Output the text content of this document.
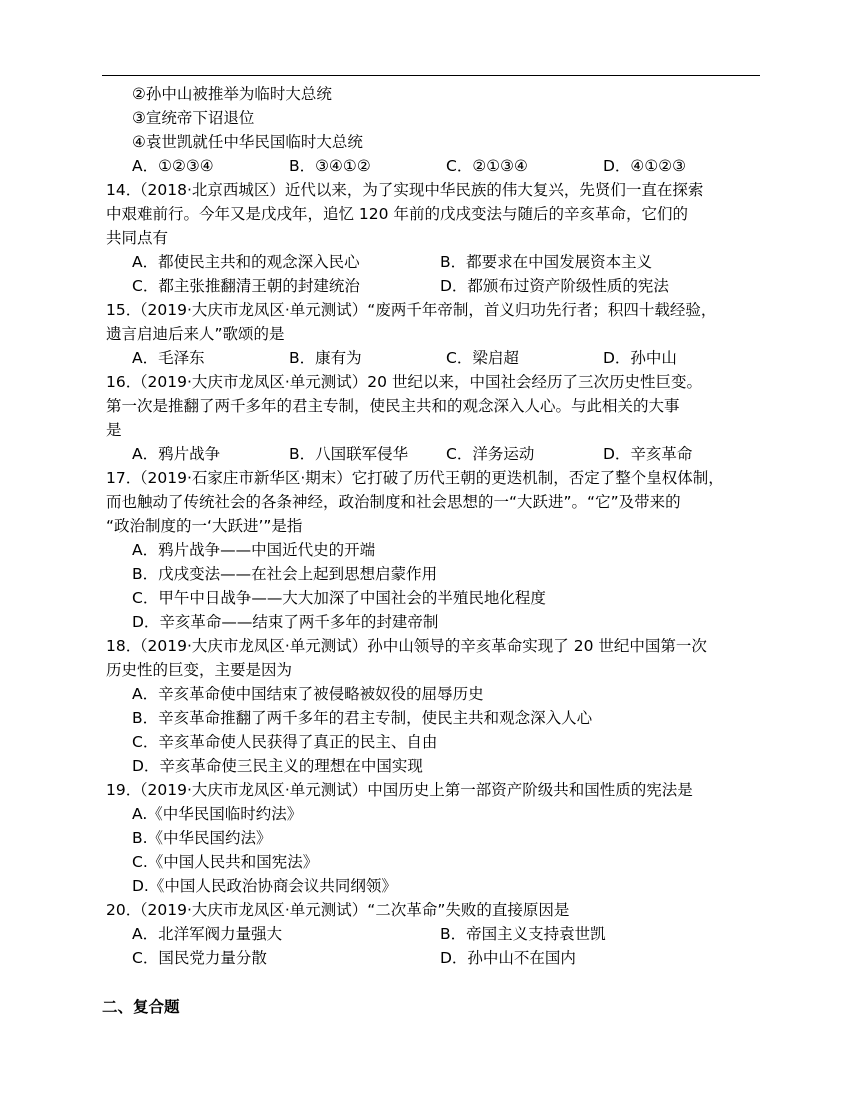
②孙中山被推举为临时大总统
③宣统帝下诏退位
④袁世凯就任中华民国临时大总统
A．①②③④	B．③④①②	C．②①③④	D．④①②③
14．
（2018·北京西城区）近代以来，为了实现中华民族的伟大复兴，先贤们一直在探索
中艰难前行。今年又是戊戌年，追忆 120 年前的戊戌变法与随后的辛亥革命，它们的
共同点有
A．都使民主共和的观念深入民心	B．都要求在中国发展资本主义
C．都主张推翻清王朝的封建统治	D．都颁布过资产阶级性质的宪法
15．
（2019·大庆市龙凤区·单元测试）“废两千年帝制，首义归功先行者；积四十载经验，
遗言启迪后来人”歌颂的是
A．毛泽东	B．康有为	C．梁启超	D．孙中山
16．
（2019·大庆市龙凤区·单元测试）20 世纪以来，中国社会经历了三次历史性巨变。
第一次是推翻了两千多年的君主专制，使民主共和的观念深入人心。与此相关的大事
是
A．鸦片战争	B．八国联军侵华	C．洋务运动	D．辛亥革命
17．
（2019·石家庄市新华区·期末）它打破了历代王朝的更迭机制，否定了整个皇权体制，
而也触动了传统社会的各条神经，政治制度和社会思想的一“大跃进”。“它”及带来的
“政治制度的一‘大跃进’”是指
A．鸦片战争——中国近代史的开端
B．戊戌变法——在社会上起到思想启蒙作用
C．甲午中日战争——大大加深了中国社会的半殖民地化程度
D．辛亥革命——结束了两千多年的封建帝制
18．
（2019·大庆市龙凤区·单元测试）孙中山领导的辛亥革命实现了 20 世纪中国第一次
历史性的巨变，主要是因为
A．辛亥革命使中国结束了被侵略被奴役的屈辱历史
B．辛亥革命推翻了两千多年的君主专制，使民主共和观念深入人心
C．辛亥革命使人民获得了真正的民主、自由
D．辛亥革命使三民主义的理想在中国实现
19．
（2019·大庆市龙凤区·单元测试）中国历史上第一部资产阶级共和国性质的宪法是
A.《中华民国临时约法》
B.《中华民国约法》
C.《中国人民共和国宪法》
D.《中国人民政治协商会议共同纲领》
20．
（2019·大庆市龙凤区·单元测试）“二次革命”失败的直接原因是
A．北洋军阀力量强大	B．帝国主义支持袁世凯
C．国民党力量分散	D．孙中山不在国内
二、复合题
